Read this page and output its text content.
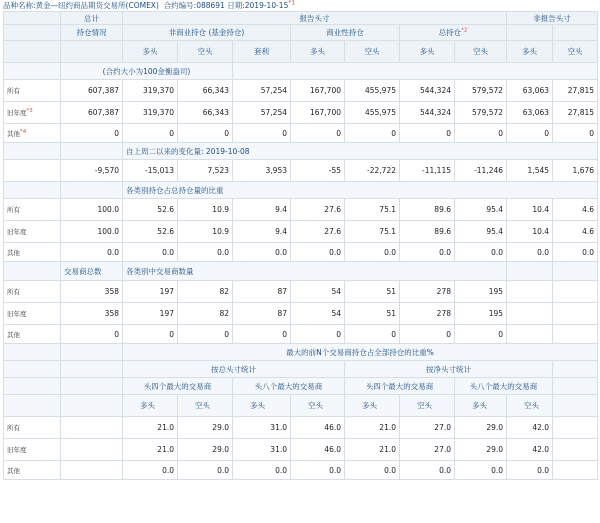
品种名称:黄金—纽约商品期货交易所(COMEX) 合约编号:088691 日期:2019-10-15$^{*1}$
	总计	报告头寸							非报告头寸	
	持仓情况	非商业持仓 (基金持仓)			商业性持仓		总持仓$^{*2}$		
		多头	空头	套利	多头	空头	多头	空头	多头	空头
	(合约大小为100金衡盎司)									
所有	607,387	319,370	66,343	57,254	167,700	455,975	544,324	579,572	63,063	27,815
旧年度$^{*3}$	607,387	319,370	66,343	57,254	167,700	455,975	544,324	579,572	63,063	27,815
其他$^{*4}$	0	0	0	0	0	0	0	0	0	0
		自上周二以来的变化量: 2019-10-08								
	-9,570	-15,013	7,523	3,953	-55	-22,722	-11,115	-11,246	1,545	1,676
		各类别持仓占总持仓量的比重								
所有	100.0	52.6	10.9	9.4	27.6	75.1	89.6	95.4	10.4	4.6
旧年度	100.0	52.6	10.9	9.4	27.6	75.1	89.6	95.4	10.4	4.6
其他	0.0	0.0	0.0	0.0	0.0	0.0	0.0	0.0	0.0	0.0
	交易商总数	各类别中交易商数量								
所有	358	197	82	87	54	51	278	195		
旧年度	358	197	82	87	54	51	278	195		
其他	0	0	0	0	0	0	0	0		
		最大的前N个交易商持仓占全部持仓的比重%								
		按总头寸统计				按净头寸统计				
		头四个最大的交易商		头八个最大的交易商		头四个最大的交易商		头八个最大的交易商		
		多头	空头	多头	空头	多头	空头	多头	空头	
所有		21.0	29.0	31.0	46.0	21.0	27.0	29.0	42.0	
旧年度		21.0	29.0	31.0	46.0	21.0	27.0	29.0	42.0	
其他		0.0	0.0	0.0	0.0	0.0	0.0	0.0	0.0	
